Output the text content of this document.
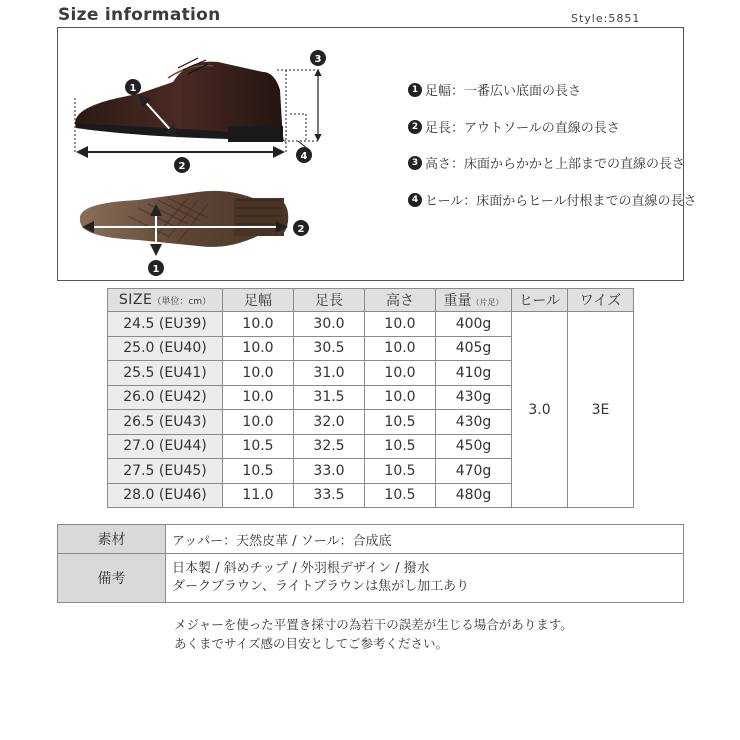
Size information	Style:5851
1
2
3
4
2
1
1 足幅：一番広い底面の長さ
2 足長：アウトソールの直線の長さ
3 高さ：床面からかかと上部までの直線の長さ
4 ヒール：床面からヒール付根までの直線の長さ
SIZE（単位：cm）	足幅	足長	高さ	重量（片足）	ヒール	ワイズ
24.5 (EU39)	10.0	30.0	10.0	400g	3.0	3E
25.0 (EU40)	10.0	30.5	10.0	405g		
25.5 (EU41)	10.0	31.0	10.0	410g		
26.0 (EU42)	10.0	31.5	10.0	430g		
26.5 (EU43)	10.0	32.0	10.5	430g		
27.0 (EU44)	10.5	32.5	10.5	450g		
27.5 (EU45)	10.5	33.0	10.5	470g		
28.0 (EU46)	11.0	33.5	10.5	480g		
素材	アッパー：天然皮革 / ソール：合成底
備考	日本製 / 斜めチップ / 外羽根デザイン / 撥水
ダークブラウン、ライトブラウンは焦がし加工あり
メジャーを使った平置き採寸の為若干の誤差が生じる場合があります。
あくまでサイズ感の目安としてご参考ください。
